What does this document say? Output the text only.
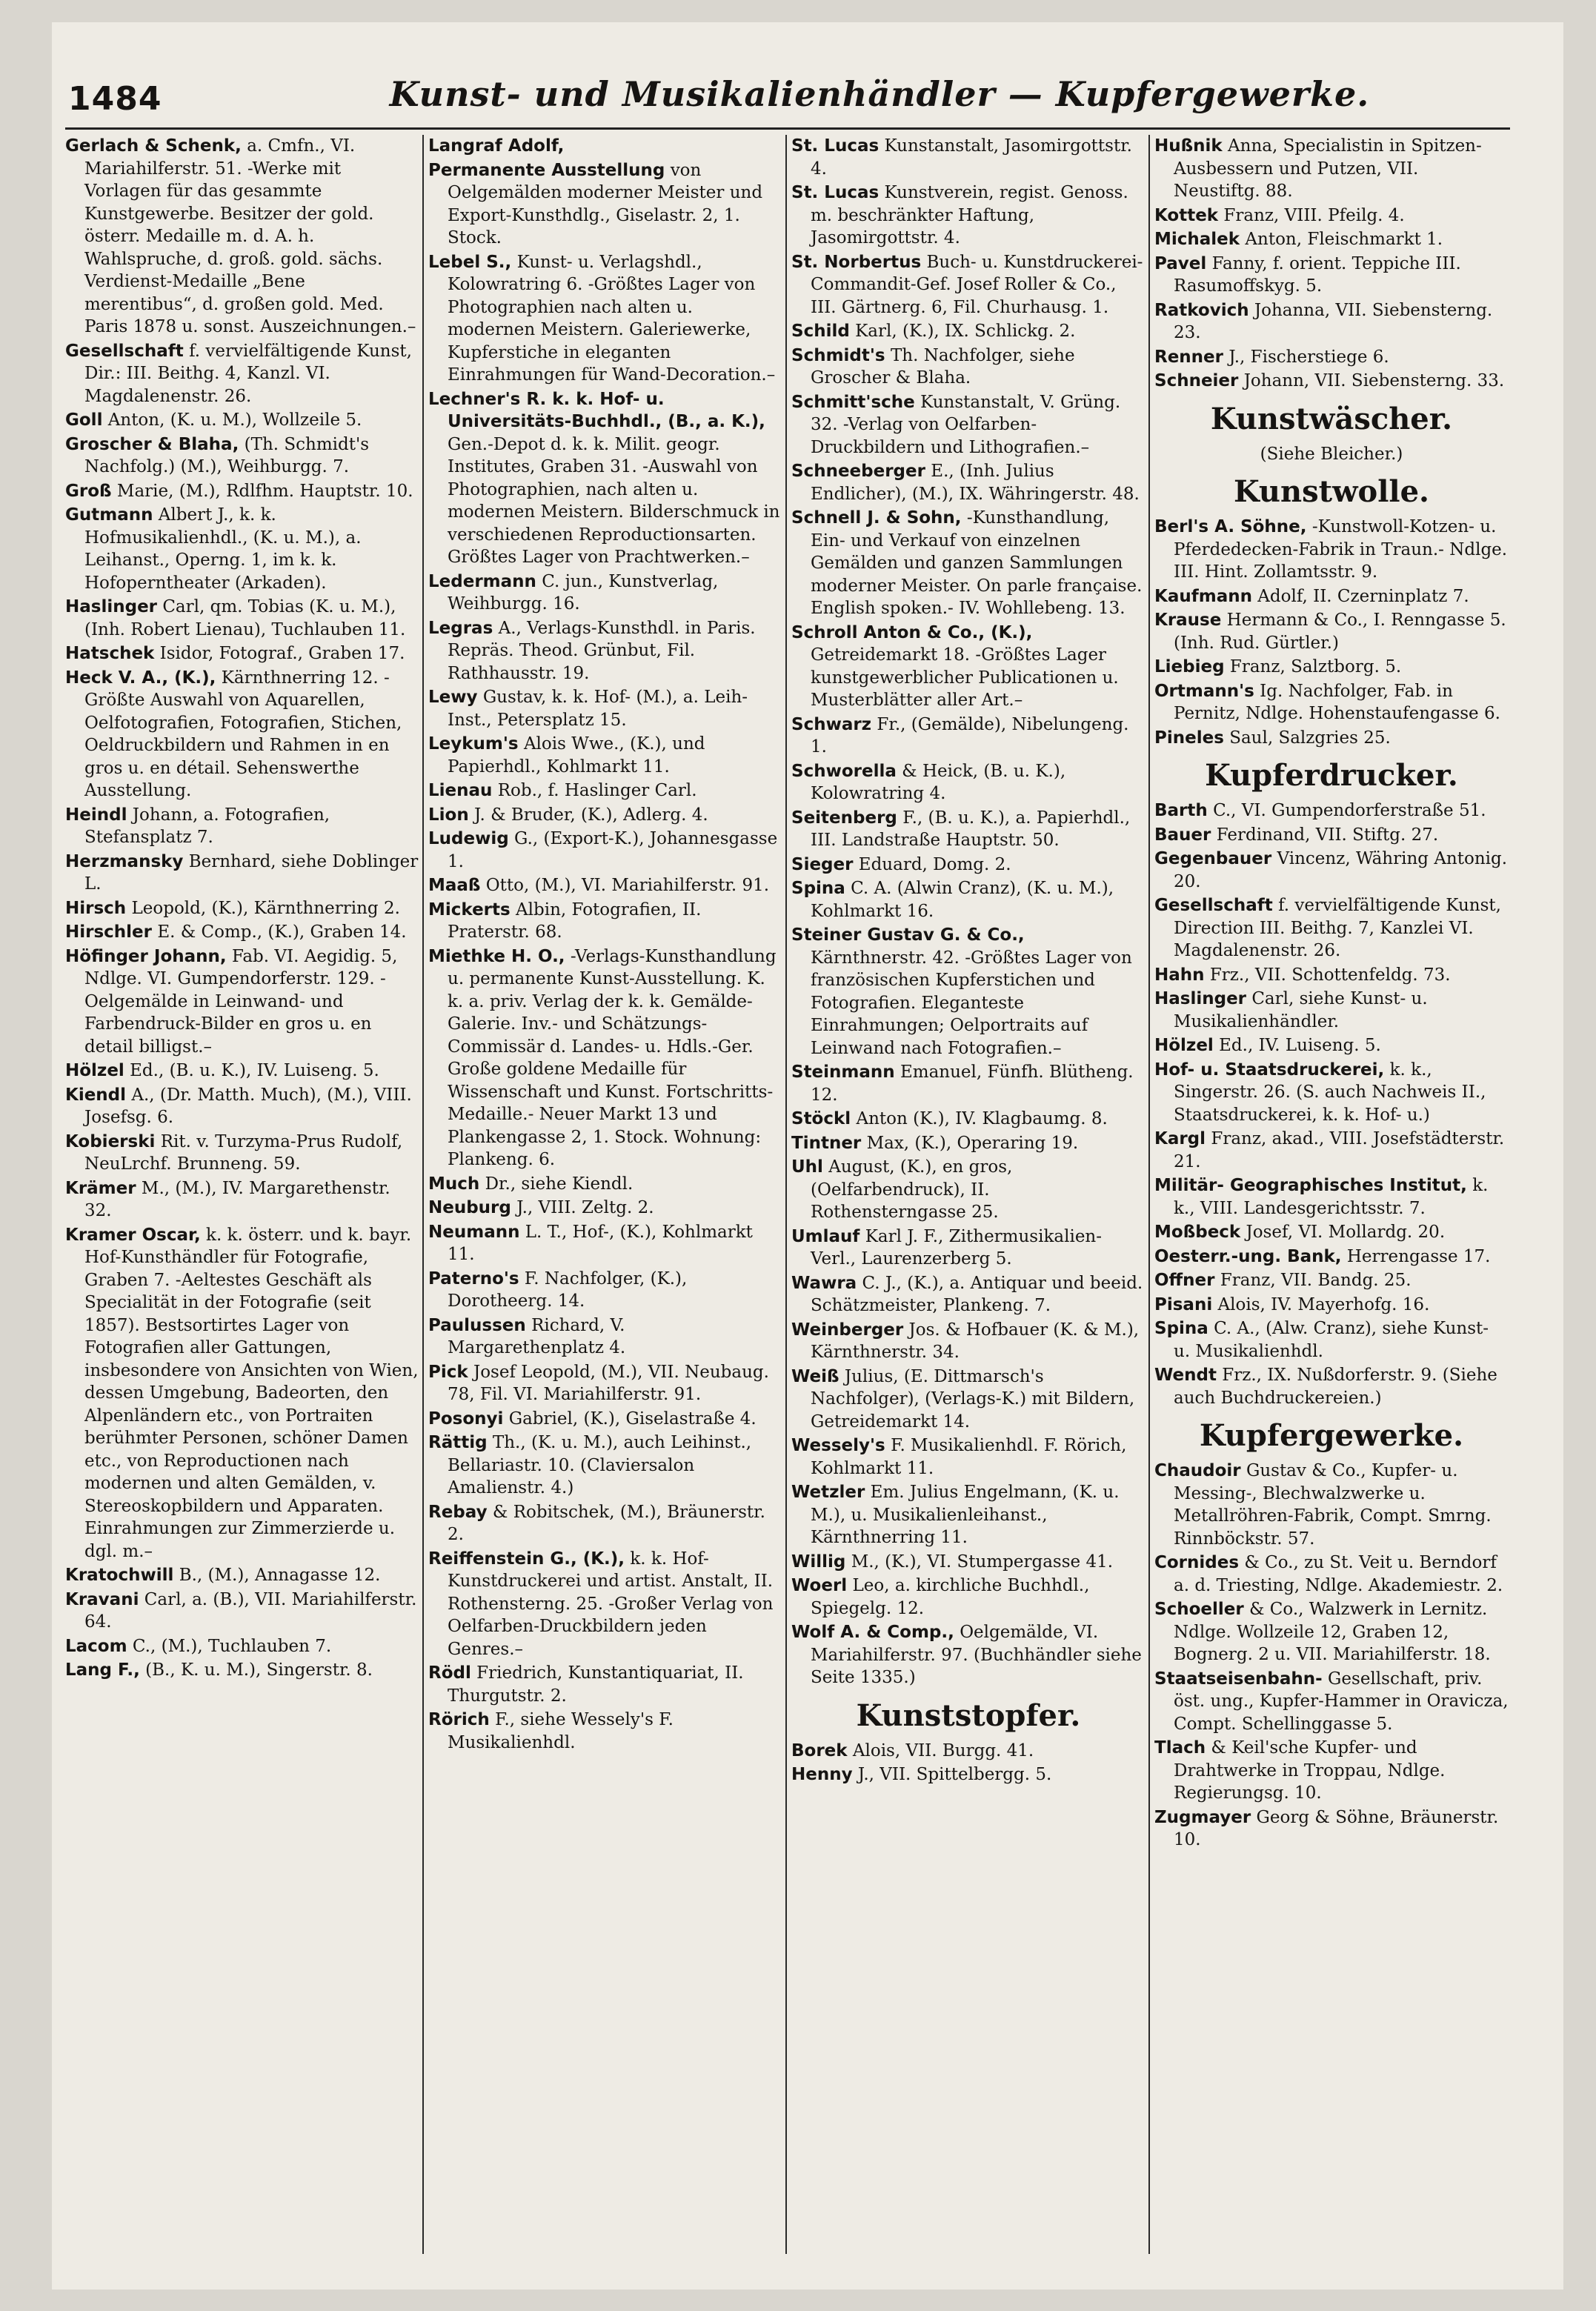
1484	Kunst- und Musikalienhändler — Kupfergewerke.
Gerlach & Schenk, a. Cmfn., VI. Mariahilferstr. 51. -Werke mit Vorlagen für das gesammte Kunstgewerbe. Besitzer der gold. österr. Medaille m. d. A. h. Wahlspruche, d. groß. gold. sächs. Verdienst-Medaille „Bene merentibus“, d. großen gold. Med. Paris 1878 u. sonst. Auszeichnungen.–
Gesellschaft f. vervielfältigende Kunst, Dir.: III. Beithg. 4, Kanzl. VI. Magdalenenstr. 26.
Goll Anton, (K. u. M.), Wollzeile 5.
Groscher & Blaha, (Th. Schmidt's Nachfolg.) (M.), Weihburgg. 7.
Groß Marie, (M.), Rdlfhm. Hauptstr. 10.
Gutmann Albert J., k. k. Hofmusikalienhdl., (K. u. M.), a. Leihanst., Operng. 1, im k. k. Hofoperntheater (Arkaden).
Haslinger Carl, qm. Tobias (K. u. M.), (Inh. Robert Lienau), Tuchlauben 11.
Hatschek Isidor, Fotograf., Graben 17.
Heck V. A., (K.), Kärnthnerring 12. -Größte Auswahl von Aquarellen, Oelfotografien, Fotografien, Stichen, Oeldruckbildern und Rahmen in en gros u. en détail. Sehenswerthe Ausstellung.
Heindl Johann, a. Fotografien, Stefansplatz 7.
Herzmansky Bernhard, siehe Doblinger L.
Hirsch Leopold, (K.), Kärnthnerring 2.
Hirschler E. & Comp., (K.), Graben 14.
Höfinger Johann, Fab. VI. Aegidig. 5, Ndlge. VI. Gumpendorferstr. 129. -Oelgemälde in Leinwand- und Farbendruck-Bilder en gros u. en detail billigst.–
Hölzel Ed., (B. u. K.), IV. Luiseng. 5.
Kiendl A., (Dr. Matth. Much), (M.), VIII. Josefsg. 6.
Kobierski Rit. v. Turzyma-Prus Rudolf, NeuLrchf. Brunneng. 59.
Krämer M., (M.), IV. Margarethenstr. 32.
Kramer Oscar, k. k. österr. und k. bayr. Hof-Kunsthändler für Fotografie, Graben 7. -Aeltestes Geschäft als Specialität in der Fotografie (seit 1857). Bestsortirtes Lager von Fotografien aller Gattungen, insbesondere von Ansichten von Wien, dessen Umgebung, Badeorten, den Alpenländern etc., von Portraiten berühmter Personen, schöner Damen etc., von Reproductionen nach modernen und alten Gemälden, v. Stereoskopbildern und Apparaten. Einrahmungen zur Zimmerzierde u. dgl. m.–
Kratochwill B., (M.), Annagasse 12.
Kravani Carl, a. (B.), VII. Mariahilferstr. 64.
Lacom C., (M.), Tuchlauben 7.
Lang F., (B., K. u. M.), Singerstr. 8.
Langraf Adolf,
Permanente Ausstellung von Oelgemälden moderner Meister und Export-Kunsthdlg., Giselastr. 2, 1. Stock.
Lebel S., Kunst- u. Verlagshdl., Kolowratring 6. -Größtes Lager von Photographien nach alten u. modernen Meistern. Galeriewerke, Kupferstiche in eleganten Einrahmungen für Wand-Decoration.–
Lechner's R. k. k. Hof- u. Universitäts-Buchhdl., (B., a. K.), Gen.-Depot d. k. k. Milit. geogr. Institutes, Graben 31. -Auswahl von Photographien, nach alten u. modernen Meistern. Bilderschmuck in verschiedenen Reproductionsarten. Größtes Lager von Prachtwerken.–
Ledermann C. jun., Kunstverlag, Weihburgg. 16.
Legras A., Verlags-Kunsthdl. in Paris. Repräs. Theod. Grünbut, Fil. Rathhausstr. 19.
Lewy Gustav, k. k. Hof- (M.), a. Leih-Inst., Petersplatz 15.
Leykum's Alois Wwe., (K.), und Papierhdl., Kohlmarkt 11.
Lienau Rob., f. Haslinger Carl.
Lion J. & Bruder, (K.), Adlerg. 4.
Ludewig G., (Export-K.), Johannesgasse 1.
Maaß Otto, (M.), VI. Mariahilferstr. 91.
Mickerts Albin, Fotografien, II. Praterstr. 68.
Miethke H. O., -Verlags-Kunsthandlung u. permanente Kunst-Ausstellung. K. k. a. priv. Verlag der k. k. Gemälde-Galerie. Inv.- und Schätzungs-Commissär d. Landes- u. Hdls.-Ger. Große goldene Medaille für Wissenschaft und Kunst. Fortschritts-Medaille.- Neuer Markt 13 und Plankengasse 2, 1. Stock. Wohnung: Plankeng. 6.
Much Dr., siehe Kiendl.
Neuburg J., VIII. Zeltg. 2.
Neumann L. T., Hof-, (K.), Kohlmarkt 11.
Paterno's F. Nachfolger, (K.), Dorotheerg. 14.
Paulussen Richard, V. Margarethenplatz 4.
Pick Josef Leopold, (M.), VII. Neubaug. 78, Fil. VI. Mariahilferstr. 91.
Posonyi Gabriel, (K.), Giselastraße 4.
Rättig Th., (K. u. M.), auch Leihinst., Bellariastr. 10. (Claviersalon Amalienstr. 4.)
Rebay & Robitschek, (M.), Bräunerstr. 2.
Reiffenstein G., (K.), k. k. Hof-Kunstdruckerei und artist. Anstalt, II. Rothensterng. 25. -Großer Verlag von Oelfarben-Druckbildern jeden Genres.–
Rödl Friedrich, Kunstantiquariat, II. Thurgutstr. 2.
Rörich F., siehe Wessely's F. Musikalienhdl.
St. Lucas Kunstanstalt, Jasomirgottstr. 4.
St. Lucas Kunstverein, regist. Genoss. m. beschränkter Haftung, Jasomirgottstr. 4.
St. Norbertus Buch- u. Kunstdruckerei-Commandit-Gef. Josef Roller & Co., III. Gärtnerg. 6, Fil. Churhausg. 1.
Schild Karl, (K.), IX. Schlickg. 2.
Schmidt's Th. Nachfolger, siehe Groscher & Blaha.
Schmitt'sche Kunstanstalt, V. Grüng. 32. -Verlag von Oelfarben-Druckbildern und Lithografien.–
Schneeberger E., (Inh. Julius Endlicher), (M.), IX. Währingerstr. 48.
Schnell J. & Sohn, -Kunsthandlung, Ein- und Verkauf von einzelnen Gemälden und ganzen Sammlungen moderner Meister. On parle française. English spoken.- IV. Wohllebeng. 13.
Schroll Anton & Co., (K.), Getreidemarkt 18. -Größtes Lager kunstgewerblicher Publicationen u. Musterblätter aller Art.–
Schwarz Fr., (Gemälde), Nibelungeng. 1.
Schworella & Heick, (B. u. K.), Kolowratring 4.
Seitenberg F., (B. u. K.), a. Papierhdl., III. Landstraße Hauptstr. 50.
Sieger Eduard, Domg. 2.
Spina C. A. (Alwin Cranz), (K. u. M.), Kohlmarkt 16.
Steiner Gustav G. & Co., Kärnthnerstr. 42. -Größtes Lager von französischen Kupferstichen und Fotografien. Eleganteste Einrahmungen; Oelportraits auf Leinwand nach Fotografien.–
Steinmann Emanuel, Fünfh. Blütheng. 12.
Stöckl Anton (K.), IV. Klagbaumg. 8.
Tintner Max, (K.), Operaring 19.
Uhl August, (K.), en gros, (Oelfarbendruck), II. Rothensterngasse 25.
Umlauf Karl J. F., Zithermusikalien-Verl., Laurenzerberg 5.
Wawra C. J., (K.), a. Antiquar und beeid. Schätzmeister, Plankeng. 7.
Weinberger Jos. & Hofbauer (K. & M.), Kärnthnerstr. 34.
Weiß Julius, (E. Dittmarsch's Nachfolger), (Verlags-K.) mit Bildern, Getreidemarkt 14.
Wessely's F. Musikalienhdl. F. Rörich, Kohlmarkt 11.
Wetzler Em. Julius Engelmann, (K. u. M.), u. Musikalienleihanst., Kärnthnerring 11.
Willig M., (K.), VI. Stumpergasse 41.
Woerl Leo, a. kirchliche Buchhdl., Spiegelg. 12.
Wolf A. & Comp., Oelgemälde, VI. Mariahilferstr. 97. (Buchhändler siehe Seite 1335.)
Kunststopfer.
Borek Alois, VII. Burgg. 41.
Henny J., VII. Spittelbergg. 5.
Hußnik Anna, Specialistin in Spitzen-Ausbessern und Putzen, VII. Neustiftg. 88.
Kottek Franz, VIII. Pfeilg. 4.
Michalek Anton, Fleischmarkt 1.
Pavel Fanny, f. orient. Teppiche III. Rasumoffskyg. 5.
Ratkovich Johanna, VII. Siebensterng. 23.
Renner J., Fischerstiege 6.
Schneier Johann, VII. Siebensterng. 33.
Kunstwäscher.
(Siehe Bleicher.)
Kunstwolle.
Berl's A. Söhne, -Kunstwoll-Kotzen- u. Pferdedecken-Fabrik in Traun.- Ndlge. III. Hint. Zollamtsstr. 9.
Kaufmann Adolf, II. Czerninplatz 7.
Krause Hermann & Co., I. Renngasse 5. (Inh. Rud. Gürtler.)
Liebieg Franz, Salztborg. 5.
Ortmann's Ig. Nachfolger, Fab. in Pernitz, Ndlge. Hohenstaufengasse 6.
Pineles Saul, Salzgries 25.
Kupferdrucker.
Barth C., VI. Gumpendorferstraße 51.
Bauer Ferdinand, VII. Stiftg. 27.
Gegenbauer Vincenz, Währing Antonig. 20.
Gesellschaft f. vervielfältigende Kunst, Direction III. Beithg. 7, Kanzlei VI. Magdalenenstr. 26.
Hahn Frz., VII. Schottenfeldg. 73.
Haslinger Carl, siehe Kunst- u. Musikalienhändler.
Hölzel Ed., IV. Luiseng. 5.
Hof- u. Staatsdruckerei, k. k., Singerstr. 26. (S. auch Nachweis II., Staatsdruckerei, k. k. Hof- u.)
Kargl Franz, akad., VIII. Josefstädterstr. 21.
Militär- Geographisches Institut, k. k., VIII. Landesgerichtsstr. 7.
Moßbeck Josef, VI. Mollardg. 20.
Oesterr.-ung. Bank, Herrengasse 17.
Offner Franz, VII. Bandg. 25.
Pisani Alois, IV. Mayerhofg. 16.
Spina C. A., (Alw. Cranz), siehe Kunst- u. Musikalienhdl.
Wendt Frz., IX. Nußdorferstr. 9. (Siehe auch Buchdruckereien.)
Kupfergewerke.
Chaudoir Gustav & Co., Kupfer- u. Messing-, Blechwalzwerke u. Metallröhren-Fabrik, Compt. Smrng. Rinnböckstr. 57.
Cornides & Co., zu St. Veit u. Berndorf a. d. Triesting, Ndlge. Akademiestr. 2.
Schoeller & Co., Walzwerk in Lernitz. Ndlge. Wollzeile 12, Graben 12, Bognerg. 2 u. VII. Mariahilferstr. 18.
Staatseisenbahn- Gesellschaft, priv. öst. ung., Kupfer-Hammer in Oravicza, Compt. Schellinggasse 5.
Tlach & Keil'sche Kupfer- und Drahtwerke in Troppau, Ndlge. Regierungsg. 10.
Zugmayer Georg & Söhne, Bräunerstr. 10.
